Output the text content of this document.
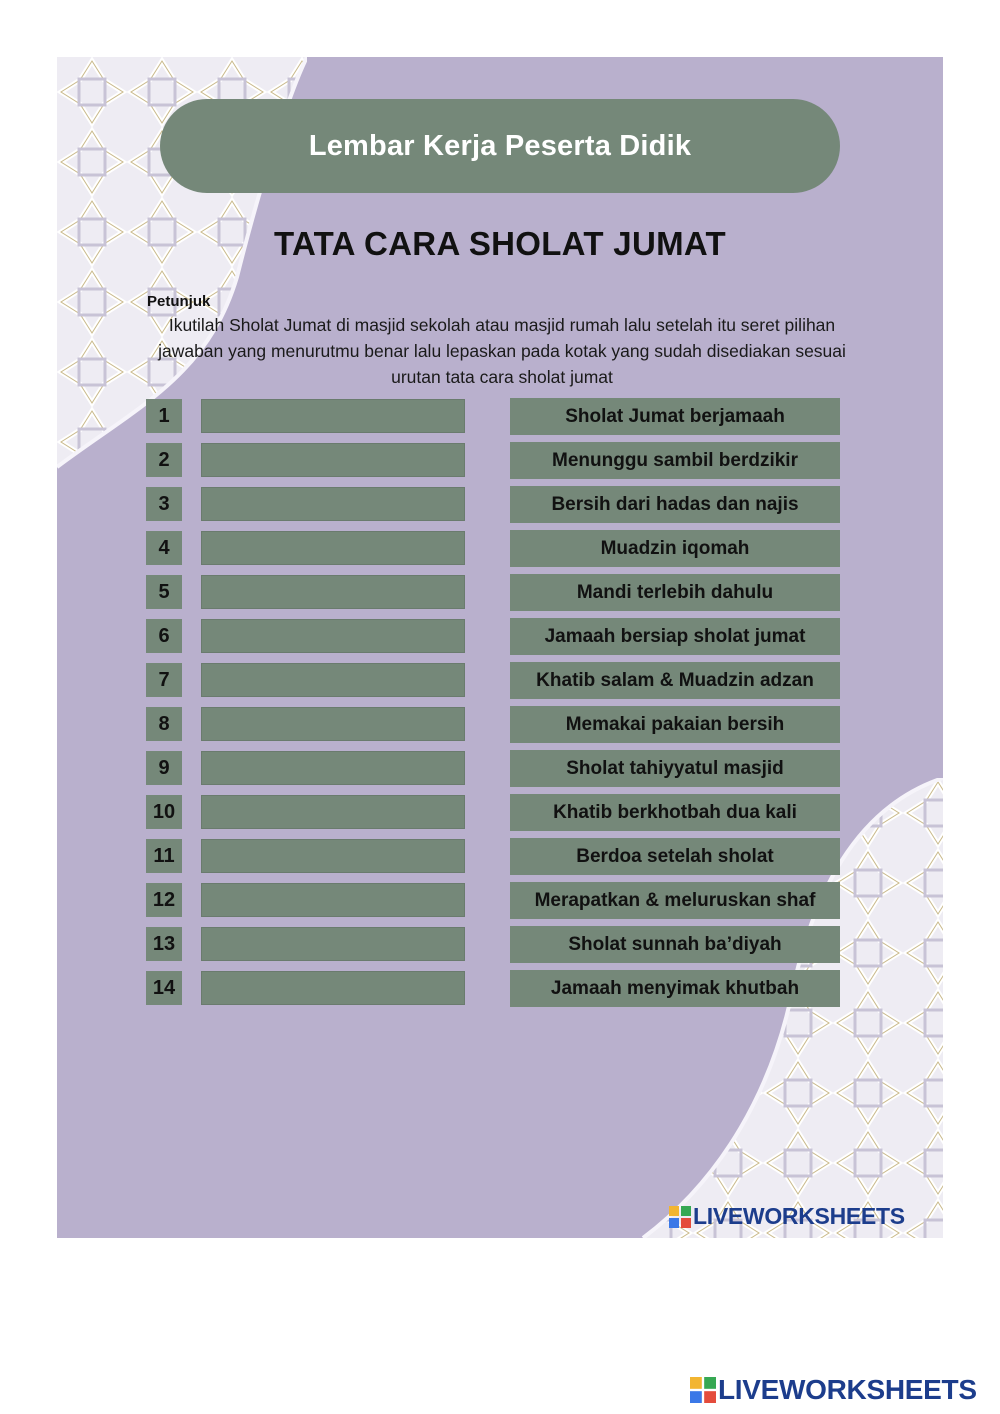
Lembar Kerja Peserta Didik
TATA CARA SHOLAT JUMAT
Petunjuk
Ikutilah Sholat Jumat di masjid sekolah atau masjid rumah lalu setelah itu seret pilihan jawaban yang menurutmu benar lalu lepaskan pada kotak yang sudah disediakan sesuai urutan tata cara sholat jumat
1
2
3
4
5
6
7
8
9
10
11
12
13
14
Sholat Jumat berjamaah
Menunggu sambil berdzikir
Bersih dari hadas dan najis
Muadzin iqomah
Mandi terlebih dahulu
Jamaah bersiap sholat jumat
Khatib salam & Muadzin adzan
Memakai pakaian bersih
Sholat tahiyyatul masjid
Khatib berkhotbah dua kali
Berdoa setelah sholat
Merapatkan & meluruskan shaf
Sholat sunnah ba’diyah
Jamaah menyimak khutbah
LIVEWORKSHEETS
LIVEWORKSHEETS
